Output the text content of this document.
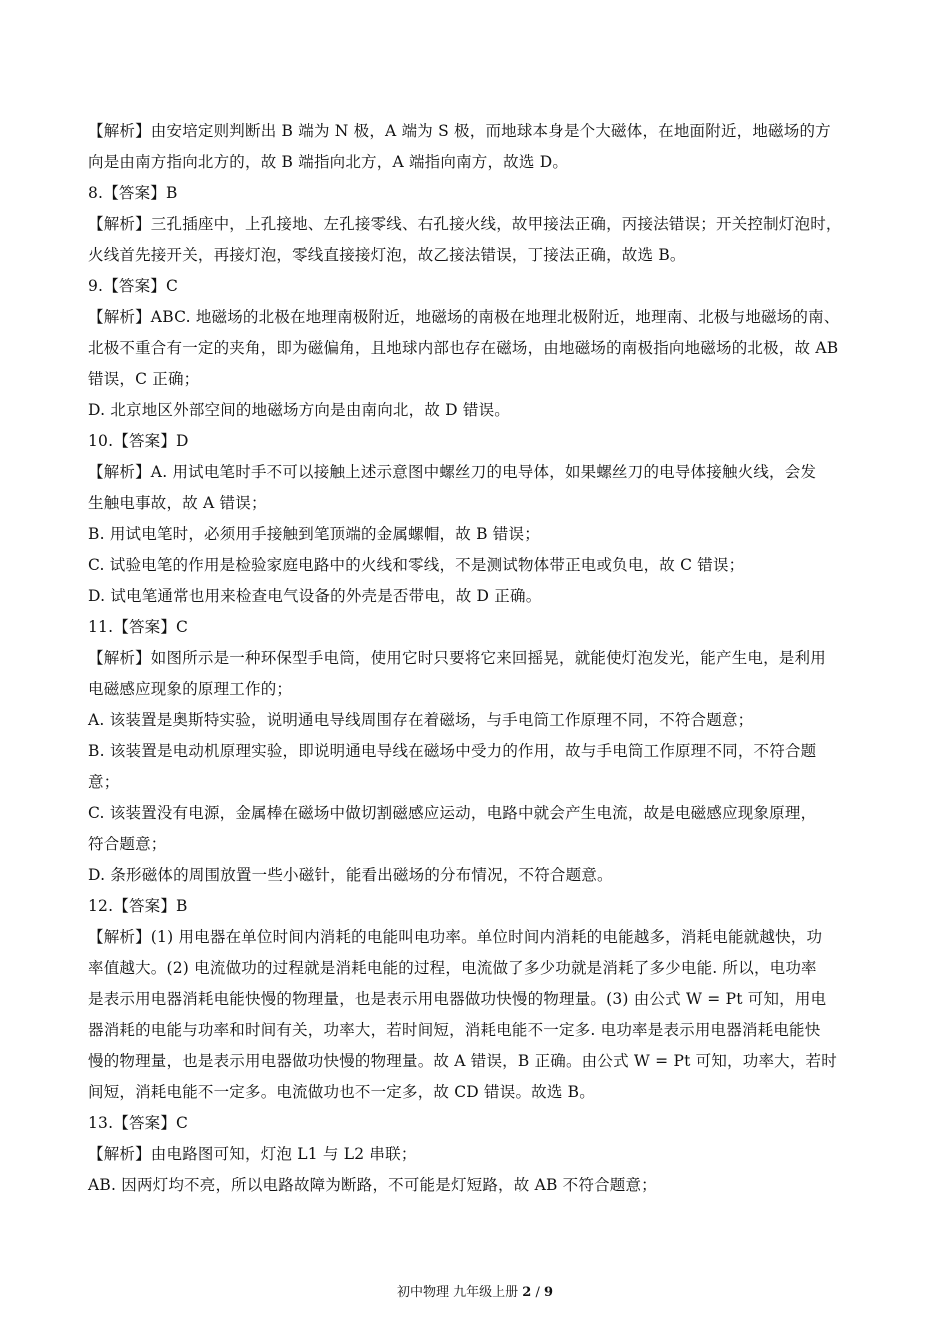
【解析】由安培定则判断出 B 端为 N 极，A 端为 S 极，而地球本身是个大磁体，在地面附近，地磁场的方
向是由南方指向北方的，故 B 端指向北方，A 端指向南方，故选 D。
8.【答案】B
【解析】三孔插座中，上孔接地、左孔接零线、右孔接火线，故甲接法正确，丙接法错误；开关控制灯泡时，
火线首先接开关，再接灯泡，零线直接接灯泡，故乙接法错误，丁接法正确，故选 B。
9.【答案】C
【解析】ABC. 地磁场的北极在地理南极附近，地磁场的南极在地理北极附近，地理南、北极与地磁场的南、
北极不重合有一定的夹角，即为磁偏角，且地球内部也存在磁场，由地磁场的南极指向地磁场的北极，故 AB
错误，C 正确；
D. 北京地区外部空间的地磁场方向是由南向北，故 D 错误。
10.【答案】D
【解析】A. 用试电笔时手不可以接触上述示意图中螺丝刀的电导体，如果螺丝刀的电导体接触火线，会发
生触电事故，故 A 错误；
B. 用试电笔时，必须用手接触到笔顶端的金属螺帽，故 B 错误；
C. 试验电笔的作用是检验家庭电路中的火线和零线，不是测试物体带正电或负电，故 C 错误；
D. 试电笔通常也用来检查电气设备的外壳是否带电，故 D 正确。
11.【答案】C
【解析】如图所示是一种环保型手电筒，使用它时只要将它来回摇晃，就能使灯泡发光，能产生电，是利用
电磁感应现象的原理工作的；
A. 该装置是奥斯特实验，说明通电导线周围存在着磁场，与手电筒工作原理不同，不符合题意；
B. 该装置是电动机原理实验，即说明通电导线在磁场中受力的作用，故与手电筒工作原理不同，不符合题
意；
C. 该装置没有电源，金属棒在磁场中做切割磁感应运动，电路中就会产生电流，故是电磁感应现象原理，
符合题意；
D. 条形磁体的周围放置一些小磁针，能看出磁场的分布情况，不符合题意。
12.【答案】B
【解析】(1) 用电器在单位时间内消耗的电能叫电功率。单位时间内消耗的电能越多，消耗电能就越快，功
率值越大。(2) 电流做功的过程就是消耗电能的过程，电流做了多少功就是消耗了多少电能. 所以，电功率
是表示用电器消耗电能快慢的物理量，也是表示用电器做功快慢的物理量。(3) 由公式 W = Pt 可知，用电
器消耗的电能与功率和时间有关，功率大，若时间短，消耗电能不一定多. 电功率是表示用电器消耗电能快
慢的物理量，也是表示用电器做功快慢的物理量。故 A 错误，B 正确。由公式 W = Pt 可知，功率大，若时
间短，消耗电能不一定多。电流做功也不一定多，故 CD 错误。故选 B。
13.【答案】C
【解析】由电路图可知，灯泡 L1 与 L2 串联；
AB. 因两灯均不亮，所以电路故障为断路，不可能是灯短路，故 AB 不符合题意；
初中物理 九年级上册 2 / 9
